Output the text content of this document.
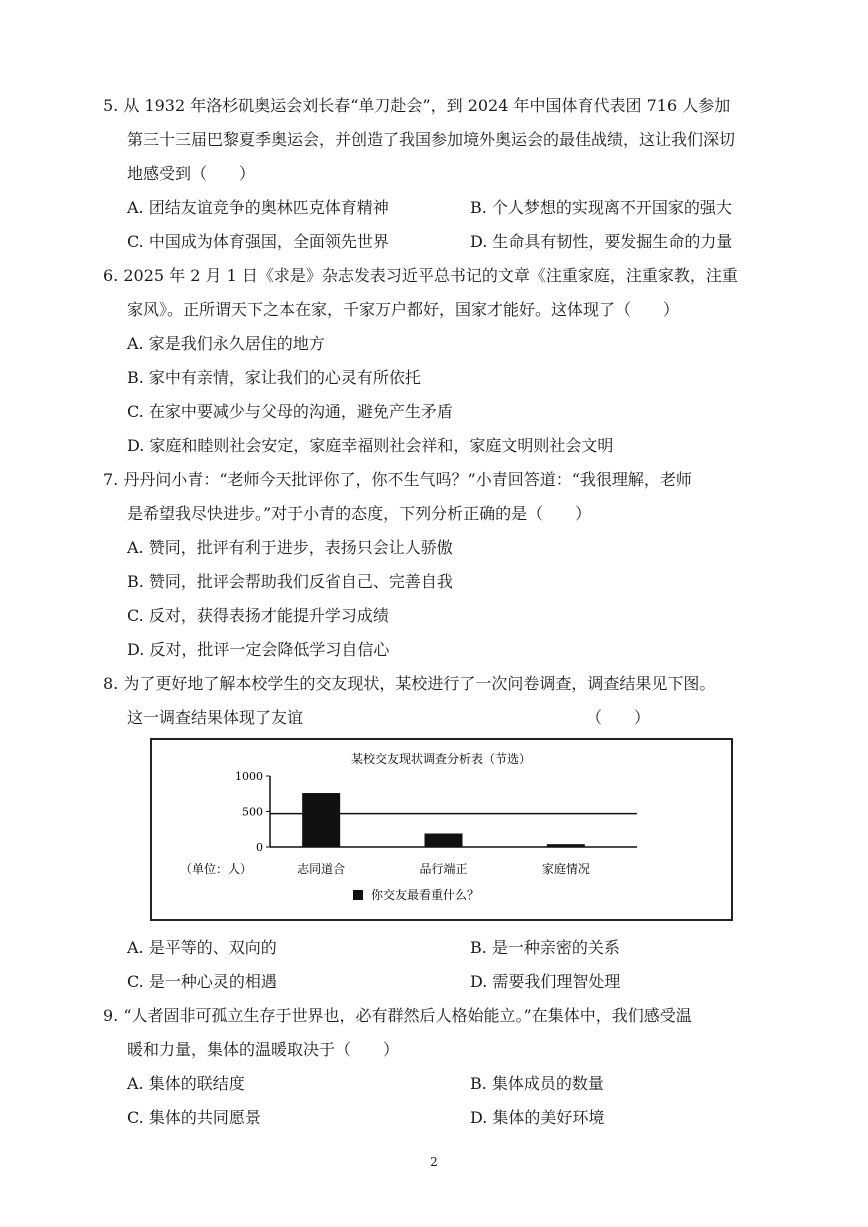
5. 从 1932 年洛杉矶奥运会刘长春“单刀赴会”，到 2024 年中国体育代表团 716 人参加
第三十三届巴黎夏季奥运会，并创造了我国参加境外奥运会的最佳战绩，这让我们深切
地感受到（　　）
A. 团结友谊竞争的奥林匹克体育精神	B. 个人梦想的实现离不开国家的强大
C. 中国成为体育强国，全面领先世界	D. 生命具有韧性，要发掘生命的力量
6. 2025 年 2 月 1 日《求是》杂志发表习近平总书记的文章《注重家庭，注重家教，注重
家风》。正所谓天下之本在家，千家万户都好，国家才能好。这体现了（　　）
A. 家是我们永久居住的地方
B. 家中有亲情，家让我们的心灵有所依托
C. 在家中要减少与父母的沟通，避免产生矛盾
D. 家庭和睦则社会安定，家庭幸福则社会祥和，家庭文明则社会文明
7. 丹丹问小青：“老师今天批评你了，你不生气吗？”小青回答道：“我很理解，老师
是希望我尽快进步。”对于小青的态度，下列分析正确的是（　　）
A. 赞同，批评有利于进步，表扬只会让人骄傲
B. 赞同，批评会帮助我们反省自己、完善自我
C. 反对，获得表扬才能提升学习成绩
D. 反对，批评一定会降低学习自信心
8. 为了更好地了解本校学生的交友现状，某校进行了一次问卷调查，调查结果见下图。
这一调查结果体现了友谊	（　　）
某校交友现状调查分析表（节选）
0
500
1000
志同道合	品行端正	家庭情况
（单位：人）
你交友最看重什么？
A. 是平等的、双向的	B. 是一种亲密的关系
C. 是一种心灵的相遇	D. 需要我们理智处理
9. “人者固非可孤立生存于世界也，必有群然后人格始能立。”在集体中，我们感受温
暖和力量，集体的温暖取决于（　　）
A. 集体的联结度	B. 集体成员的数量
C. 集体的共同愿景	D. 集体的美好环境
2
